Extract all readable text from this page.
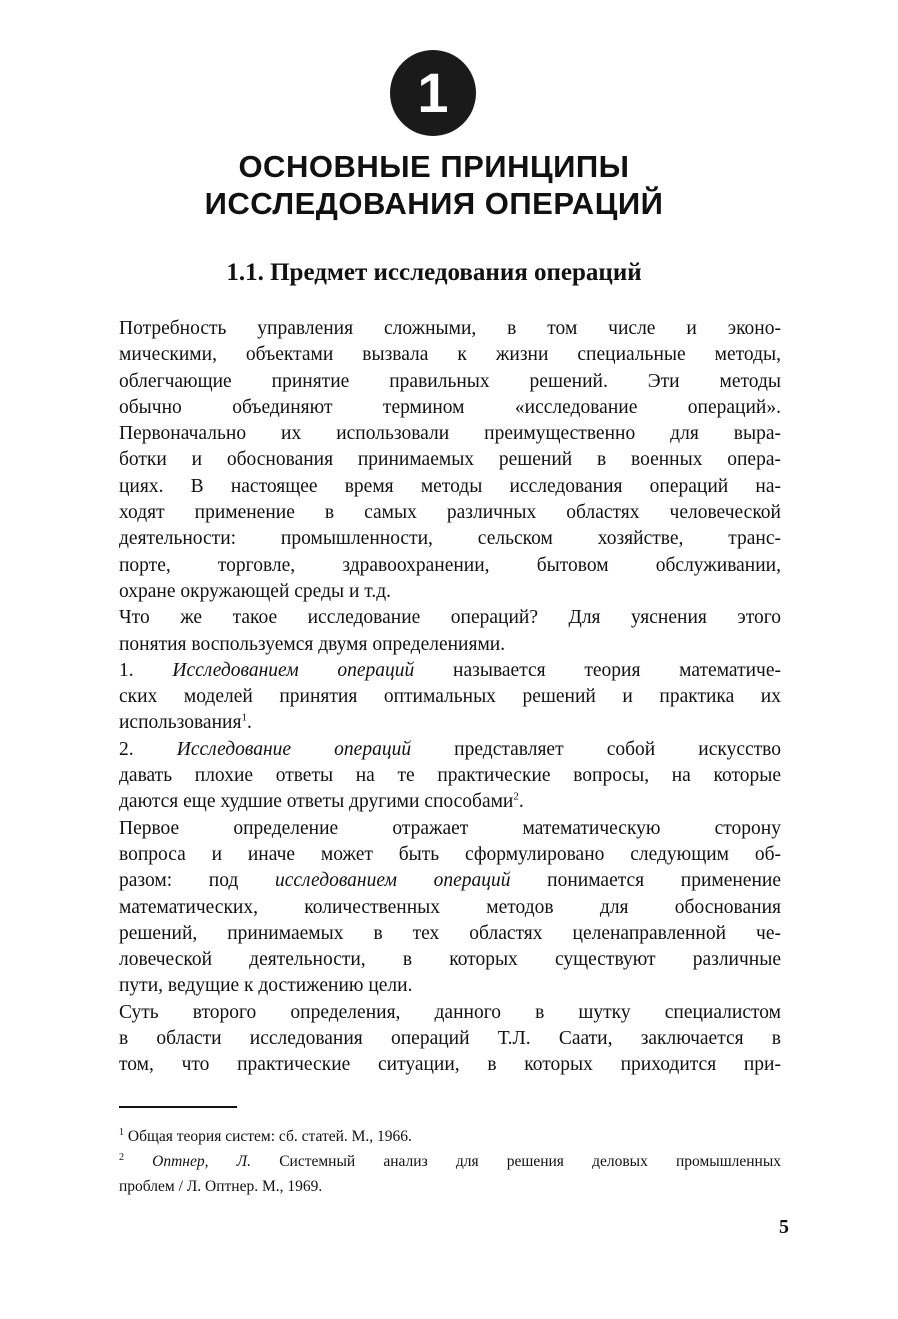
1
ОСНОВНЫЕ ПРИНЦИПЫ
ИССЛЕДОВАНИЯ ОПЕРАЦИЙ
1.1. Предмет исследования операций

Потребность управления сложными, в том числе и эконо-
мическими, объектами вызвала к жизни специальные методы,
облегчающие принятие правильных решений. Эти методы
обычно объединяют термином «исследование операций».
Первоначально их использовали преимущественно для выра-
ботки и обоснования принимаемых решений в военных опера-
циях. В настоящее время методы исследования операций на-
ходят применение в самых различных областях человеческой
деятельности: промышленности, сельском хозяйстве, транс-
порте, торговле, здравоохранении, бытовом обслуживании,
охране окружающей среды и т.д.

Что же такое исследование операций? Для уяснения этого
понятия воспользуемся двумя определениями.

1. Исследованием операций называется теория математиче-
ских моделей принятия оптимальных решений и практика их
использования$^1$.

2. Исследование операций представляет собой искусство
давать плохие ответы на те практические вопросы, на которые
даются еще худшие ответы другими способами$^2$.

Первое определение отражает математическую сторону
вопроса и иначе может быть сформулировано следующим об-
разом: под исследованием операций понимается применение
математических, количественных методов для обоснования
решений, принимаемых в тех областях целенаправленной че-
ловеческой деятельности, в которых существуют различные
пути, ведущие к достижению цели.

Суть второго определения, данного в шутку специалистом
в области исследования операций Т.Л. Саати, заключается в
том, что практические ситуации, в которых приходится при-

$^1$ Общая теория систем: сб. статей. М., 1966.
$^2$ Оптнер, Л. Системный анализ для решения деловых промышленных
проблем / Л. Оптнер. М., 1969.
5
